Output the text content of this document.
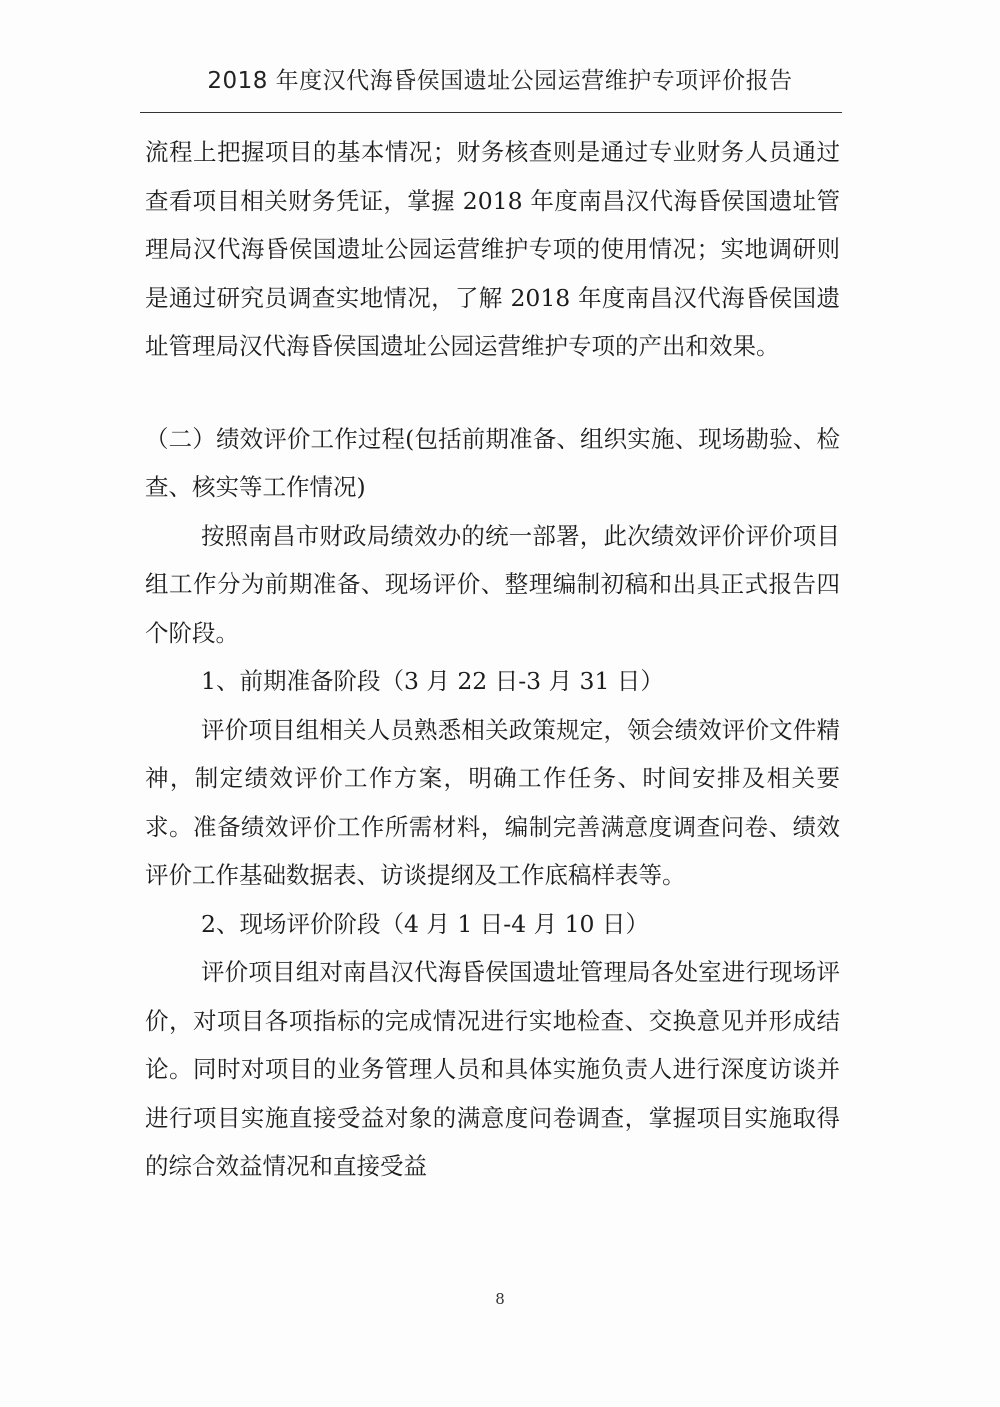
2018 年度汉代海昏侯国遗址公园运营维护专项评价报告

流程上把握项目的基本情况；财务核查则是通过专业财务人员通过查看项目相关财务凭证，掌握 2018 年度南昌汉代海昏侯国遗址管理局汉代海昏侯国遗址公园运营维护专项的使用情况；实地调研则是通过研究员调查实地情况，了解 2018 年度南昌汉代海昏侯国遗址管理局汉代海昏侯国遗址公园运营维护专项的产出和效果。

（二）绩效评价工作过程(包括前期准备、组织实施、现场勘验、检查、核实等工作情况)

按照南昌市财政局绩效办的统一部署，此次绩效评价评价项目组工作分为前期准备、现场评价、整理编制初稿和出具正式报告四个阶段。

1、前期准备阶段（3 月 22 日-3 月 31 日）

评价项目组相关人员熟悉相关政策规定，领会绩效评价文件精神，制定绩效评价工作方案，明确工作任务、时间安排及相关要求。准备绩效评价工作所需材料，编制完善满意度调查问卷、绩效评价工作基础数据表、访谈提纲及工作底稿样表等。

2、现场评价阶段（4 月 1 日-4 月 10 日）

评价项目组对南昌汉代海昏侯国遗址管理局各处室进行现场评价，对项目各项指标的完成情况进行实地检查、交换意见并形成结论。同时对项目的业务管理人员和具体实施负责人进行深度访谈并进行项目实施直接受益对象的满意度问卷调查，掌握项目实施取得的综合效益情况和直接受益

8
